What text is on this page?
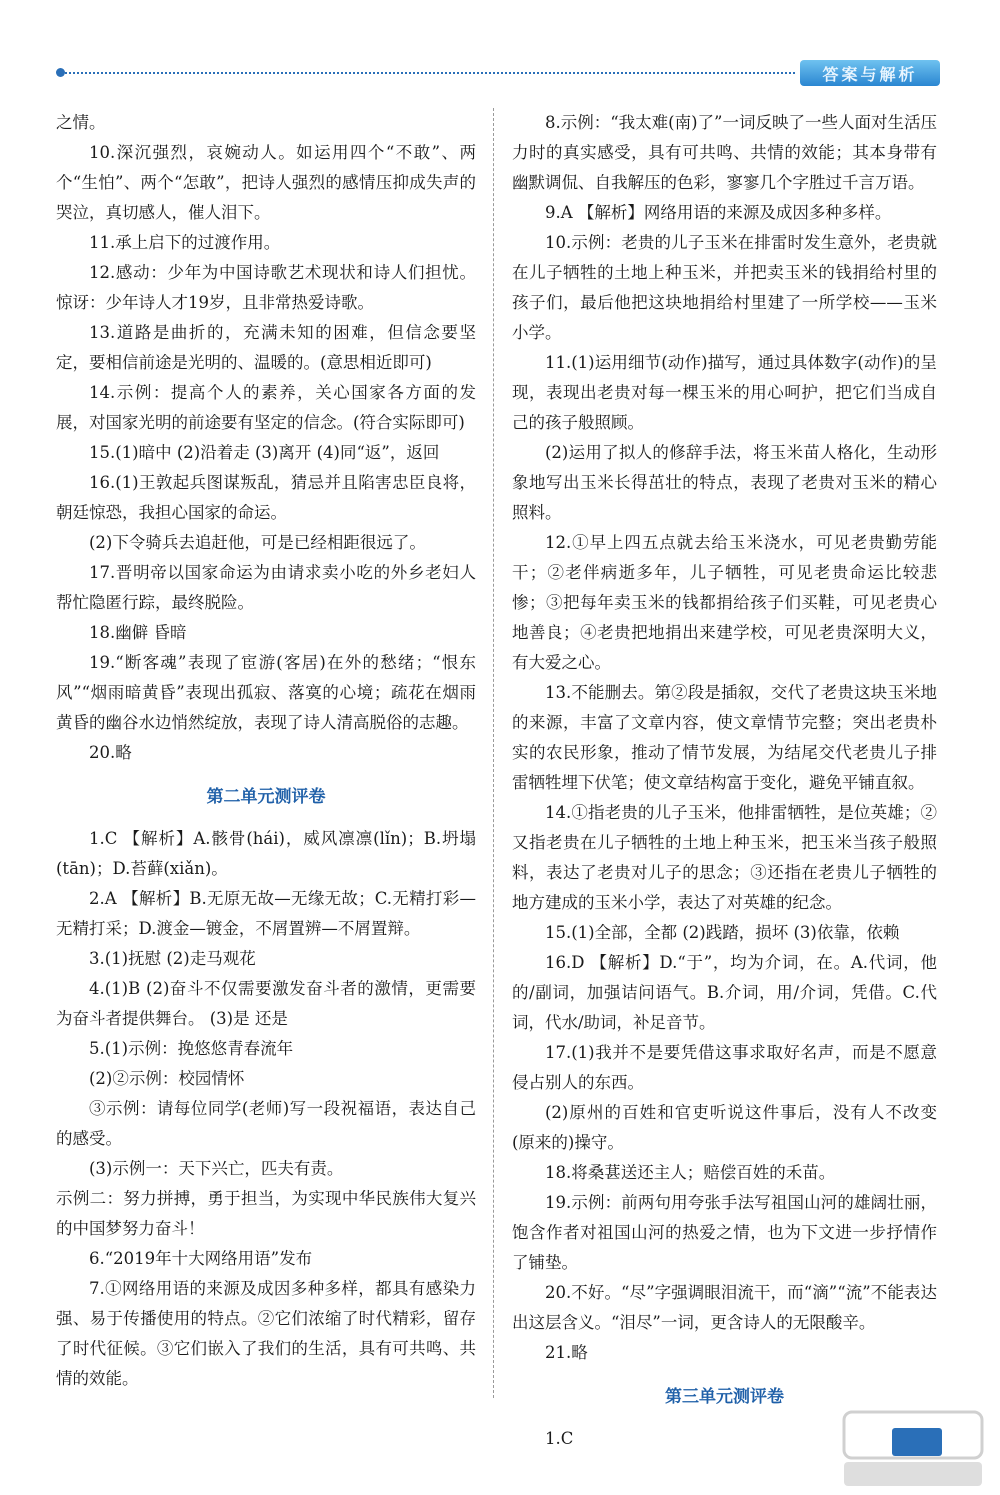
答案与解析

之情。

10.深沉强烈，哀婉动人。如运用四个“不敢”、两个“生怕”、两个“怎敢”，把诗人强烈的感情压抑成失声的哭泣，真切感人，催人泪下。

11.承上启下的过渡作用。

12.感动：少年为中国诗歌艺术现状和诗人们担忧。惊讶：少年诗人才19岁，且非常热爱诗歌。

13.道路是曲折的，充满未知的困难，但信念要坚定，要相信前途是光明的、温暖的。(意思相近即可)

14.示例：提高个人的素养，关心国家各方面的发展，对国家光明的前途要有坚定的信念。(符合实际即可)

15.(1)暗中 (2)沿着走 (3)离开 (4)同“返”，返回

16.(1)王敦起兵图谋叛乱，猜忌并且陷害忠臣良将，朝廷惊恐，我担心国家的命运。

(2)下令骑兵去追赶他，可是已经相距很远了。

17.晋明帝以国家命运为由请求卖小吃的外乡老妇人帮忙隐匿行踪，最终脱险。

18.幽僻 昏暗

19.“断客魂”表现了宦游(客居)在外的愁绪；“恨东风”“烟雨暗黄昏”表现出孤寂、落寞的心境；疏花在烟雨黄昏的幽谷水边悄然绽放，表现了诗人清高脱俗的志趣。

20.略

第二单元测评卷

1.C 【解析】A.骸骨(hái)，威风凛凛(lǐn)；B.坍塌(tān)；D.苔藓(xiǎn)。

2.A 【解析】B.无原无故—无缘无故；C.无精打彩—无精打采；D.渡金—镀金，不屑置辨—不屑置辩。

3.(1)抚慰 (2)走马观花

4.(1)B (2)奋斗不仅需要激发奋斗者的激情，更需要为奋斗者提供舞台。 (3)是 还是

5.(1)示例：挽悠悠青春流年

(2)②示例：校园情怀

③示例：请每位同学(老师)写一段祝福语，表达自己的感受。

(3)示例一：天下兴亡，匹夫有责。

示例二：努力拼搏，勇于担当，为实现中华民族伟大复兴的中国梦努力奋斗！

6.“2019年十大网络用语”发布

7.①网络用语的来源及成因多种多样，都具有感染力强、易于传播使用的特点。②它们浓缩了时代精彩，留存了时代征候。③它们嵌入了我们的生活，具有可共鸣、共情的效能。

8.示例：“我太难(南)了”一词反映了一些人面对生活压力时的真实感受，具有可共鸣、共情的效能；其本身带有幽默调侃、自我解压的色彩，寥寥几个字胜过千言万语。

9.A 【解析】网络用语的来源及成因多种多样。

10.示例：老贵的儿子玉米在排雷时发生意外，老贵就在儿子牺牲的土地上种玉米，并把卖玉米的钱捐给村里的孩子们，最后他把这块地捐给村里建了一所学校——玉米小学。

11.(1)运用细节(动作)描写，通过具体数字(动作)的呈现，表现出老贵对每一棵玉米的用心呵护，把它们当成自己的孩子般照顾。

(2)运用了拟人的修辞手法，将玉米苗人格化，生动形象地写出玉米长得茁壮的特点，表现了老贵对玉米的精心照料。

12.①早上四五点就去给玉米浇水，可见老贵勤劳能干；②老伴病逝多年，儿子牺牲，可见老贵命运比较悲惨；③把每年卖玉米的钱都捐给孩子们买鞋，可见老贵心地善良；④老贵把地捐出来建学校，可见老贵深明大义，有大爱之心。

13.不能删去。第②段是插叙，交代了老贵这块玉米地的来源，丰富了文章内容，使文章情节完整；突出老贵朴实的农民形象，推动了情节发展，为结尾交代老贵儿子排雷牺牲埋下伏笔；使文章结构富于变化，避免平铺直叙。

14.①指老贵的儿子玉米，他排雷牺牲，是位英雄；②又指老贵在儿子牺牲的土地上种玉米，把玉米当孩子般照料，表达了老贵对儿子的思念；③还指在老贵儿子牺牲的地方建成的玉米小学，表达了对英雄的纪念。

15.(1)全部，全都 (2)践踏，损坏 (3)依靠，依赖

16.D 【解析】D.“于”，均为介词，在。A.代词，他的/副词，加强诘问语气。B.介词，用/介词，凭借。C.代词，代水/助词，补足音节。

17.(1)我并不是要凭借这事求取好名声，而是不愿意侵占别人的东西。

(2)原州的百姓和官吏听说这件事后，没有人不改变(原来的)操守。

18.将桑葚送还主人；赔偿百姓的禾苗。

19.示例：前两句用夸张手法写祖国山河的雄阔壮丽，饱含作者对祖国山河的热爱之情，也为下文进一步抒情作了铺垫。

20.不好。“尽”字强调眼泪流干，而“滴”“流”不能表达出这层含义。“泪尽”一词，更含诗人的无限酸辛。

21.略

第三单元测评卷

1.C
